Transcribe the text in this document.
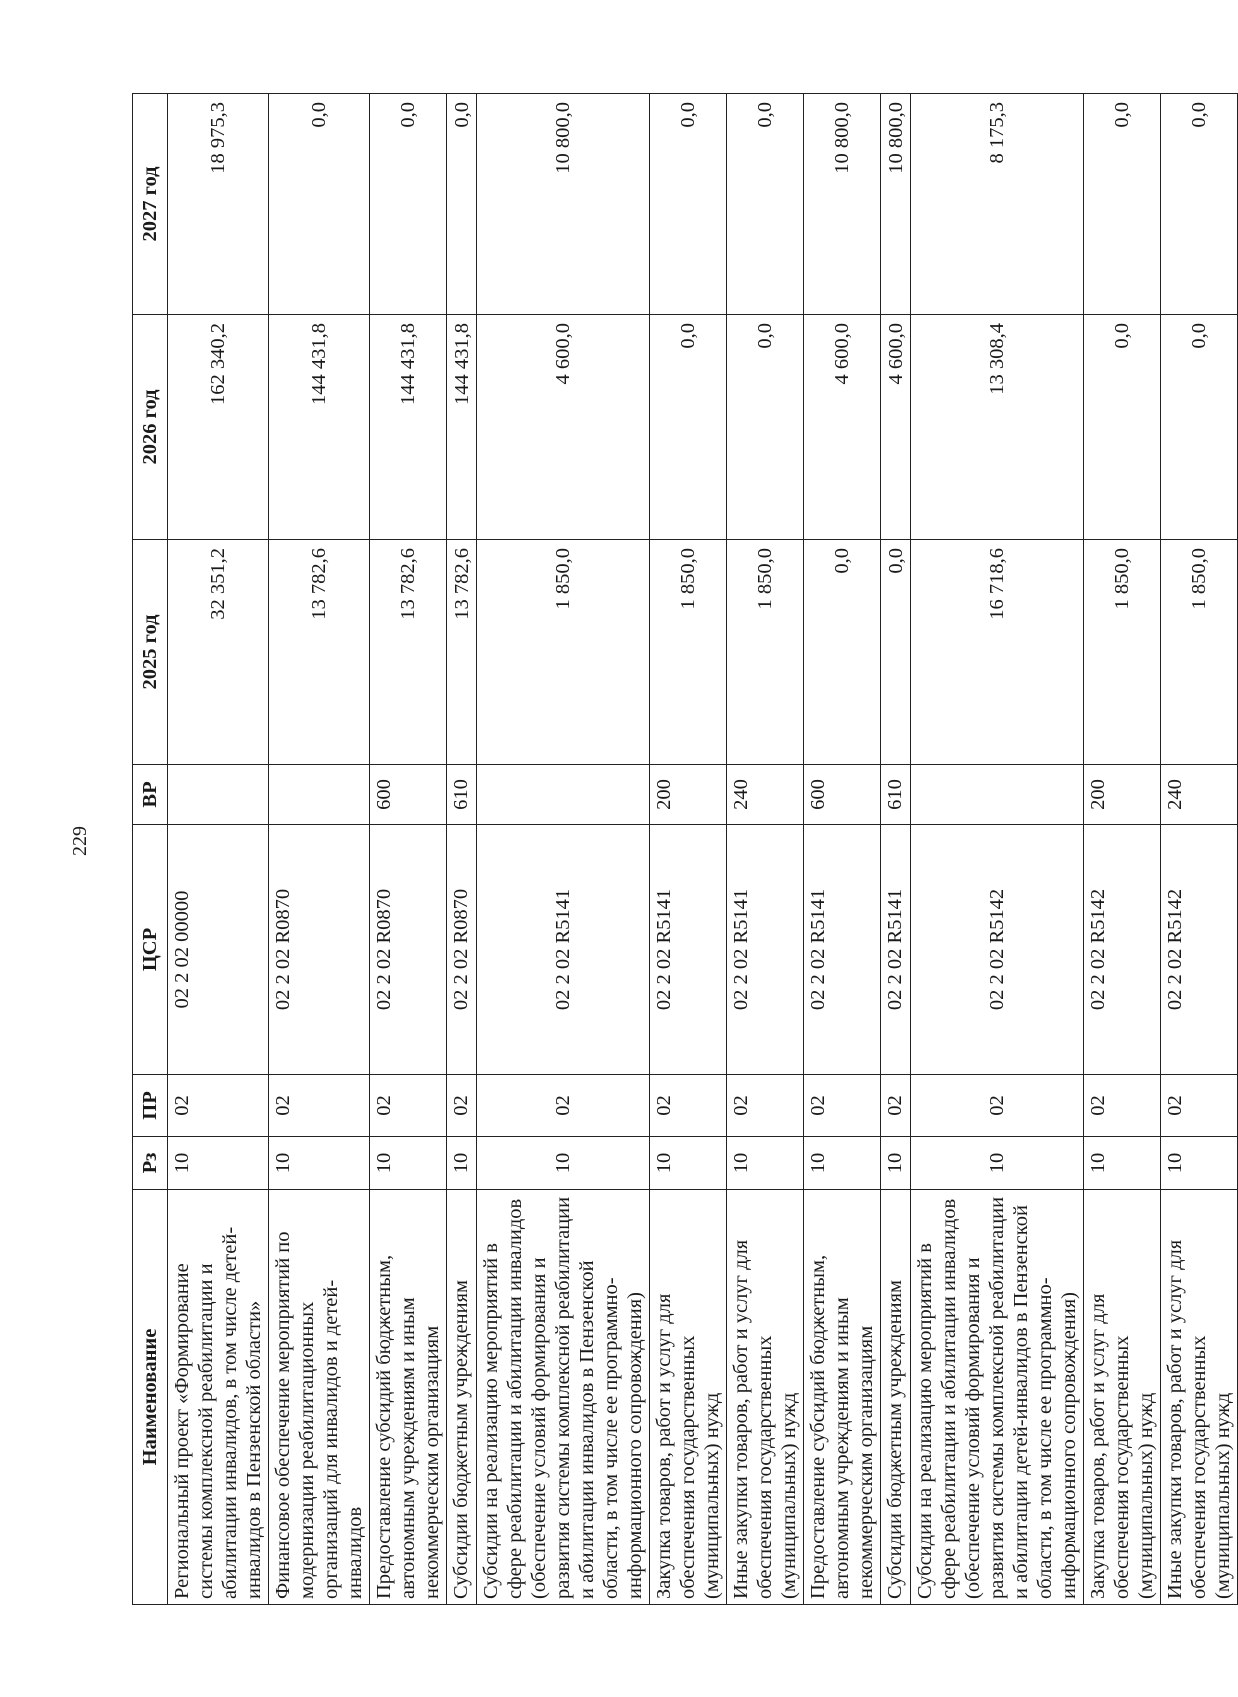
229
Наименование	Рз	ПР	ЦСР	ВР	2025 год	2026 год	2027 год
Региональный проект «Формирование системы комплексной реабилитации и абилитации инвалидов, в том числе детей-инвалидов в Пензенской области»	10	02	02 2 02 00000		32 351,2	162 340,2	18 975,3
Финансовое обеспечение мероприятий по модернизации реабилитационных организаций для инвалидов и детей-инвалидов	10	02	02 2 02 R0870		13 782,6	144 431,8	0,0
Предоставление субсидий бюджетным, автономным учреждениям и иным некоммерческим организациям	10	02	02 2 02 R0870	600	13 782,6	144 431,8	0,0
Субсидии бюджетным учреждениям	10	02	02 2 02 R0870	610	13 782,6	144 431,8	0,0
Субсидии на реализацию мероприятий в сфере реабилитации и абилитации инвалидов (обеспечение условий формирования и развития системы комплексной реабилитации и абилитации инвалидов в Пензенской области, в том числе ее программно-информационного сопровождения)	10	02	02 2 02 R5141		1 850,0	4 600,0	10 800,0
Закупка товаров, работ и услуг для обеспечения государственных (муниципальных) нужд	10	02	02 2 02 R5141	200	1 850,0	0,0	0,0
Иные закупки товаров, работ и услуг для обеспечения государственных (муниципальных) нужд	10	02	02 2 02 R5141	240	1 850,0	0,0	0,0
Предоставление субсидий бюджетным, автономным учреждениям и иным некоммерческим организациям	10	02	02 2 02 R5141	600	0,0	4 600,0	10 800,0
Субсидии бюджетным учреждениям	10	02	02 2 02 R5141	610	0,0	4 600,0	10 800,0
Субсидии на реализацию мероприятий в сфере реабилитации и абилитации инвалидов (обеспечение условий формирования и развития системы комплексной реабилитации и абилитации детей-инвалидов в Пензенской области, в том числе ее программно-информационного сопровождения)	10	02	02 2 02 R5142		16 718,6	13 308,4	8 175,3
Закупка товаров, работ и услуг для обеспечения государственных (муниципальных) нужд	10	02	02 2 02 R5142	200	1 850,0	0,0	0,0
Иные закупки товаров, работ и услуг для обеспечения государственных (муниципальных) нужд	10	02	02 2 02 R5142	240	1 850,0	0,0	0,0
